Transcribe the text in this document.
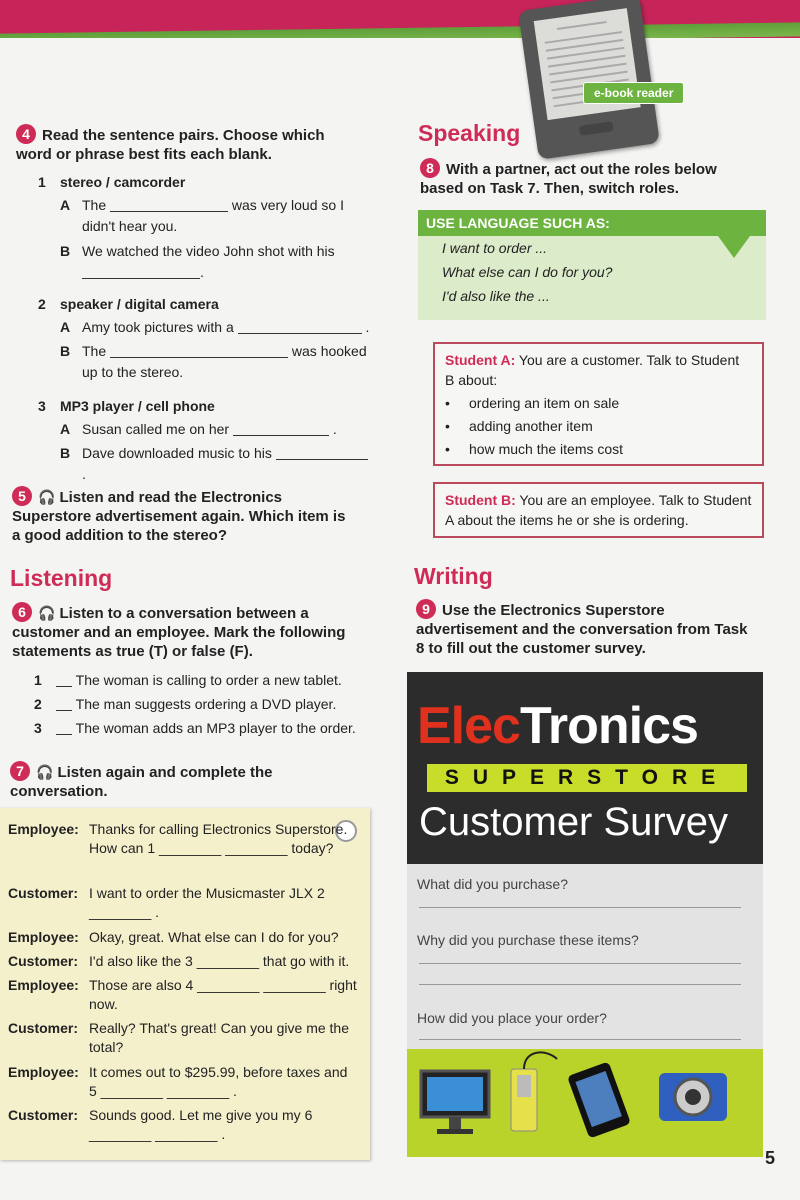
e-book reader
4 Read the sentence pairs. Choose which word or phrase best fits each blank.
1 stereo / camcorder
A The	was very loud so I didn't hear you.
B We watched the video John shot with his .
2 speaker / digital camera
A Amy took pictures with a	.
B The	was hooked up to the stereo.
3 MP3 player / cell phone
A Susan called me on her	.
B Dave downloaded music to his  .
5 🎧 Listen and read the Electronics Superstore advertisement again. Which item is a good addition to the stereo?
Listening
6 🎧 Listen to a conversation between a customer and an employee. Mark the following statements as true (T) or false (F).
1 The woman is calling to order a new tablet.
2 The man suggests ordering a DVD player.
3 The woman adds an MP3 player to the order.
7 🎧 Listen again and complete the conversation.
Employee: Thanks for calling Electronics Superstore. How can 1 ________ ________ today?
Customer: I want to order the Musicmaster JLX 2 ________ .
Employee: Okay, great. What else can I do for you?
Customer: I'd also like the 3 ________ that go with it.
Employee: Those are also 4 ________ ________ right now.
Customer: Really? That's great! Can you give me the total?
Employee: It comes out to $295.99, before taxes and 5 ________ ________ .
Customer: Sounds good. Let me give you my 6 ________ ________ .
Speaking
8 With a partner, act out the roles below based on Task 7. Then, switch roles.
USE LANGUAGE SUCH AS:
I want to order ...
What else can I do for you?
I'd also like the ...
Student A: You are a customer. Talk to Student B about:
• ordering an item on sale
• adding another item
• how much the items cost
Student B: You are an employee. Talk to Student A about the items he or she is ordering.
Writing
9 Use the Electronics Superstore advertisement and the conversation from Task 8 to fill out the customer survey.
ElecTronics
SUPERSTORE
Customer Survey
What did you purchase?
Why did you purchase these items?
How did you place your order?
5
